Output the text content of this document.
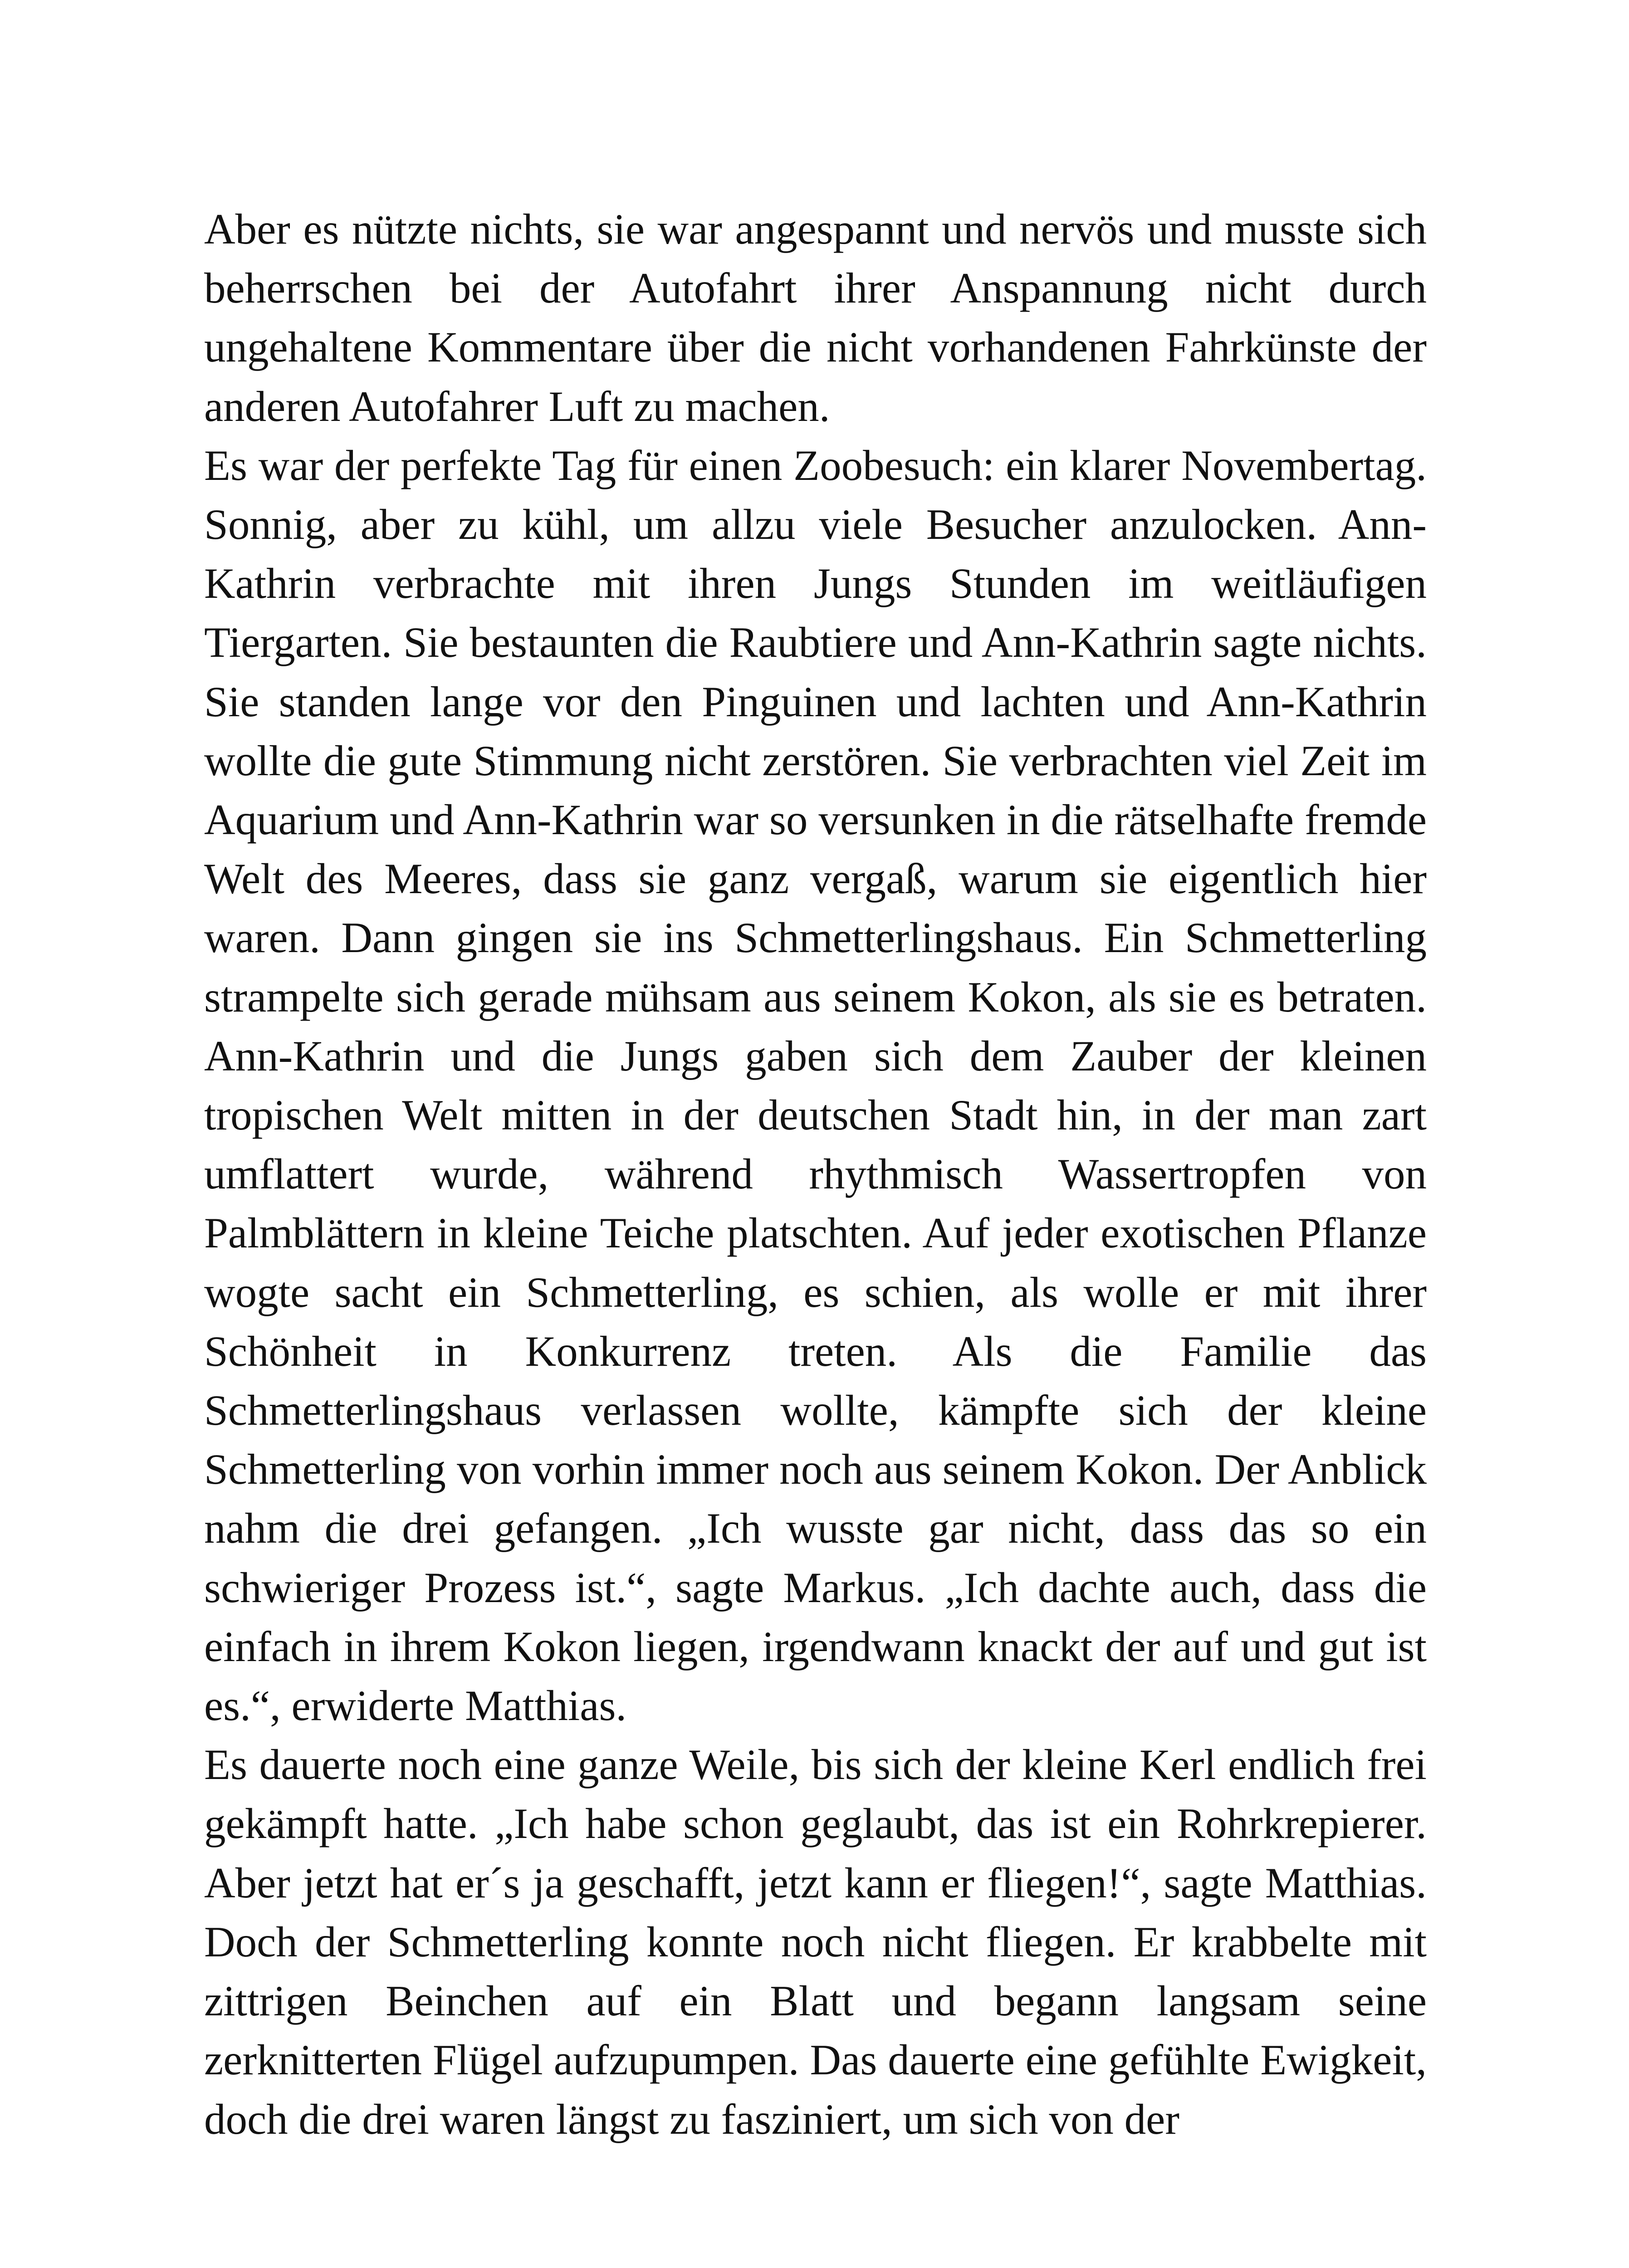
Aber es nützte nichts, sie war angespannt und nervös und musste sich beherrschen bei der Autofahrt ihrer Anspannung nicht durch ungehaltene Kommentare über die nicht vorhandenen Fahrkünste der anderen Autofahrer Luft zu machen.

Es war der perfekte Tag für einen Zoobesuch: ein klarer Novembertag. Sonnig, aber zu kühl, um allzu viele Besucher anzulocken. Ann-Kathrin verbrachte mit ihren Jungs Stunden im weitläufigen Tiergarten. Sie bestaunten die Raubtiere und Ann-Kathrin sagte nichts. Sie standen lange vor den Pinguinen und lachten und Ann-Kathrin wollte die gute Stimmung nicht zerstören. Sie verbrachten viel Zeit im Aquarium und Ann-Kathrin war so versunken in die rätselhafte fremde Welt des Meeres, dass sie ganz vergaß, warum sie eigentlich hier waren. Dann gingen sie ins Schmetterlingshaus. Ein Schmetterling strampelte sich gerade mühsam aus seinem Kokon, als sie es betraten. Ann-Kathrin und die Jungs gaben sich dem Zauber der kleinen tropischen Welt mitten in der deutschen Stadt hin, in der man zart umflattert wurde, während rhythmisch Wassertropfen von Palmblättern in kleine Teiche platschten. Auf jeder exotischen Pflanze wogte sacht ein Schmetterling, es schien, als wolle er mit ihrer Schönheit in Konkurrenz treten. Als die Familie das Schmetterlingshaus verlassen wollte, kämpfte sich der kleine Schmetterling von vorhin immer noch aus seinem Kokon. Der Anblick nahm die drei gefangen. „Ich wusste gar nicht, dass das so ein schwieriger Prozess ist.“, sagte Markus. „Ich dachte auch, dass die einfach in ihrem Kokon liegen, irgendwann knackt der auf und gut ist es.“, erwiderte Matthias.

Es dauerte noch eine ganze Weile, bis sich der kleine Kerl endlich frei gekämpft hatte. „Ich habe schon geglaubt, das ist ein Rohrkrepierer. Aber jetzt hat er´s ja geschafft, jetzt kann er fliegen!“, sagte Matthias. Doch der Schmetterling konnte noch nicht fliegen. Er krabbelte mit zittrigen Beinchen auf ein Blatt und begann langsam seine zerknitterten Flügel aufzupumpen. Das dauerte eine gefühlte Ewigkeit, doch die drei waren längst zu fasziniert, um sich von der
